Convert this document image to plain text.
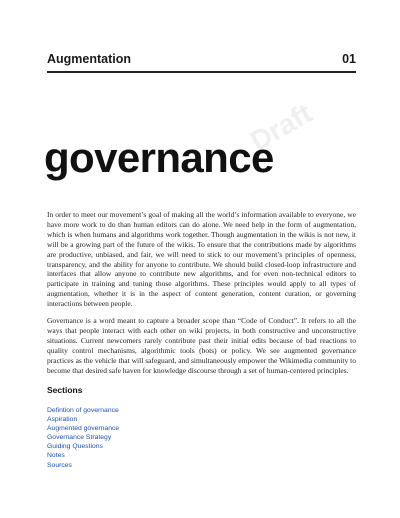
Augmentation	01
Draft
governance

In order to meet our movement’s goal of making all the world’s information available to everyone, we have more work to do than human editors can do alone. We need help in the form of augmentation, which is when humans and algorithms work together. Though augmentation in the wikis is not new, it will be a growing part of the future of the wikis. To ensure that the contributions made by algorithms are productive, unbiased, and fair, we will need to stick to our movement’s principles of openness, transparency, and the ability for anyone to contribute. We should build closed-loop infrastructure and interfaces that allow anyone to contribute new algorithms, and for even non-technical editors to participate in training and tuning those algorithms. These principles would apply to all types of augmentation, whether it is in the aspect of content generation, content curation, or governing interactions between people.

Governance is a word meant to capture a broader scope than “Code of Conduct”. It refers to all the ways that people interact with each other on wiki projects, in both constructive and unconstructive situations. Current newcomers rarely contribute past their initial edits because of bad reactions to quality control mechanisms, algorithmic tools (bots) or policy. We see augmented governance practices as the vehicle that will safeguard, and simultaneously empower the Wikimedia community to become that desired safe haven for knowledge discourse through a set of human-centered principles.

Sections
Defintion of governance
Aspiration
Augmented governance
Governance Strategy
Guiding Questions
Notes
Sources
